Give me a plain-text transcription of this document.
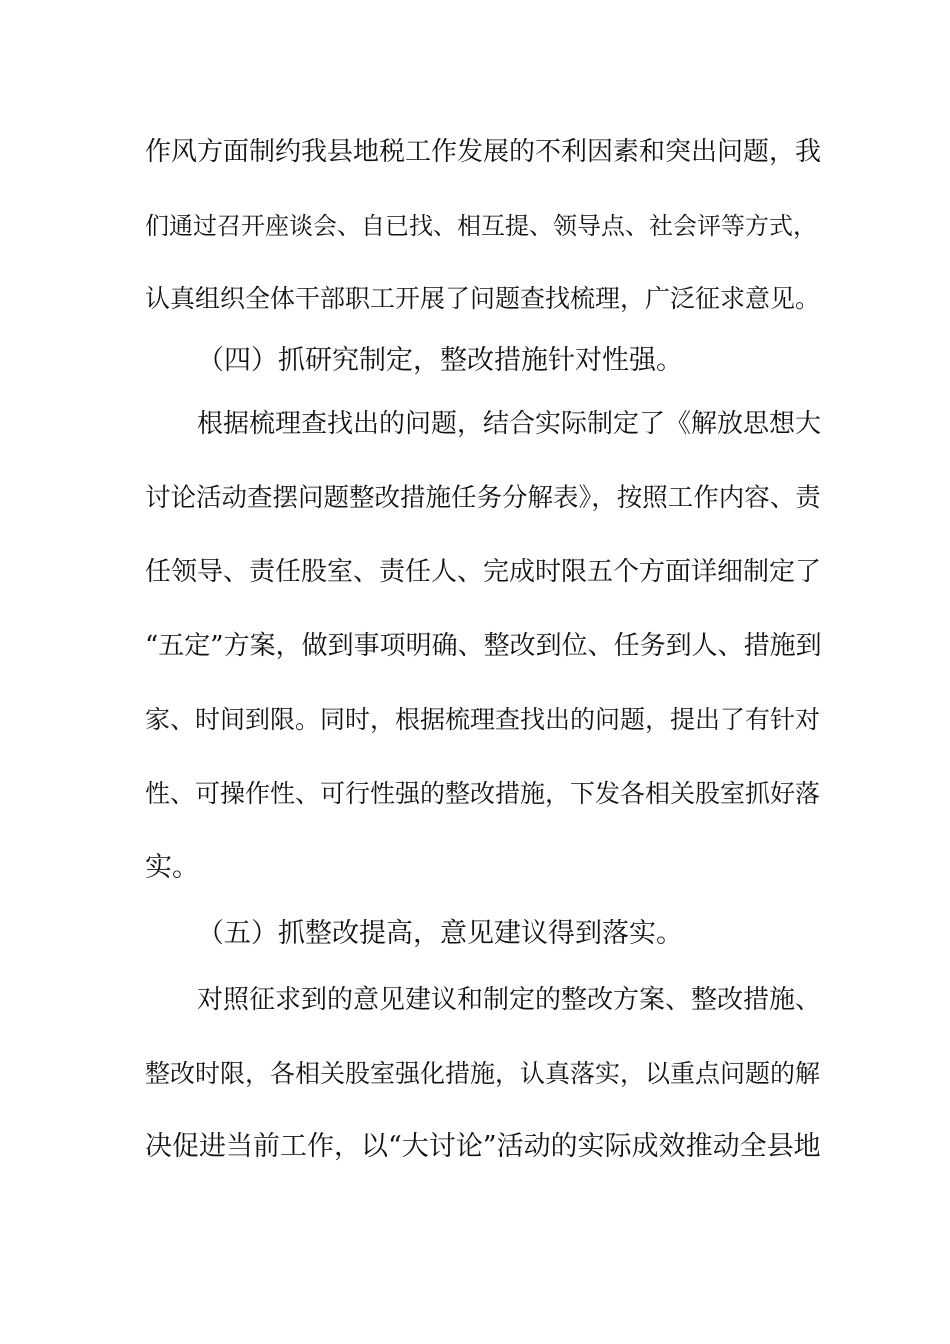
作风方面制约我县地税工作发展的不利因素和突出问题，我
们通过召开座谈会、自已找、相互提、领导点、社会评等方式，
认真组织全体干部职工开展了问题查找梳理，广泛征求意见。
（四）抓研究制定，整改措施针对性强。
根据梳理查找出的问题，结合实际制定了《解放思想大
讨论活动查摆问题整改措施任务分解表》，按照工作内容、责
任领导、责任股室、责任人、完成时限五个方面详细制定了
“五定”方案，做到事项明确、整改到位、任务到人、措施到
家、时间到限。同时，根据梳理查找出的问题，提出了有针对
性、可操作性、可行性强的整改措施，下发各相关股室抓好落
实。
（五）抓整改提高，意见建议得到落实。
对照征求到的意见建议和制定的整改方案、整改措施、
整改时限，各相关股室强化措施，认真落实，以重点问题的解
决促进当前工作，以“大讨论”活动的实际成效推动全县地
